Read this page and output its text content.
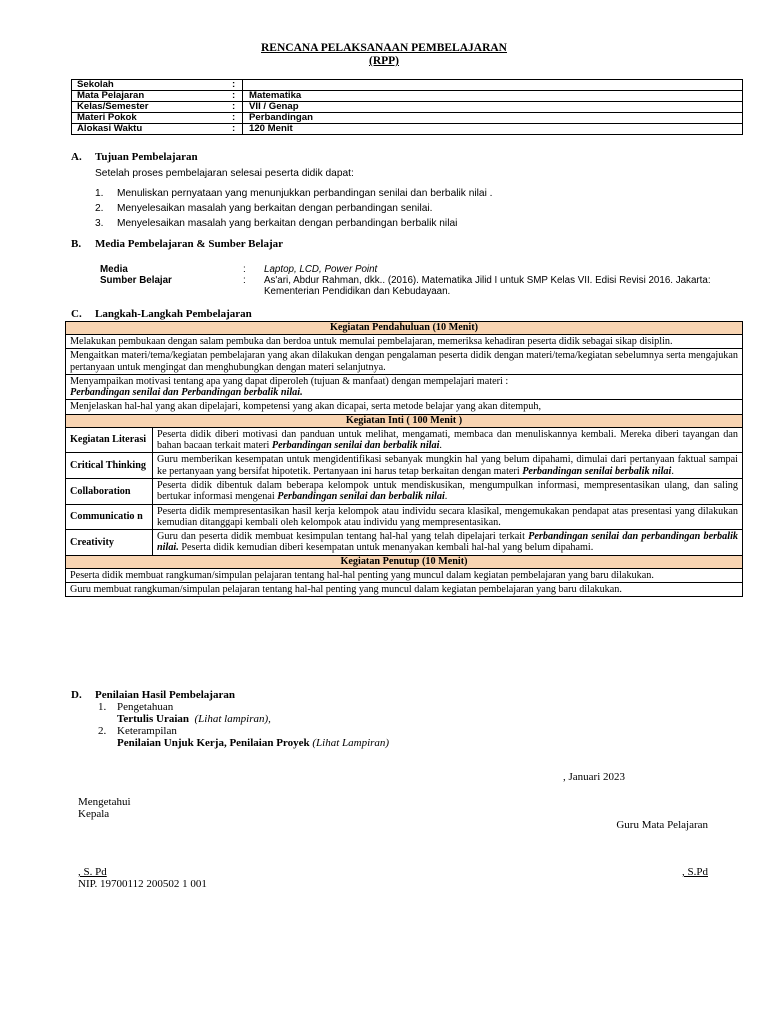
RENCANA PELAKSANAAN PEMBELAJARAN
(RPP)
Sekolah	:	
Mata Pelajaran	:	Matematika
Kelas/Semester	:	VII / Genap
Materi Pokok	:	Perbandingan
Alokasi Waktu	:	120 Menit
A. Tujuan Pembelajaran
Setelah proses pembelajaran selesai peserta didik dapat:
1. Menuliskan pernyataan yang menunjukkan perbandingan senilai dan berbalik nilai .
2. Menyelesaikan masalah yang berkaitan dengan perbandingan senilai.
3. Menyelesaikan masalah yang berkaitan dengan perbandingan berbalik nilai
B. Media Pembelajaran & Sumber Belajar
Media	: Laptop, LCD, Power Point
Sumber Belajar	: As'ari, Abdur Rahman, dkk.. (2016). Matematika Jilid I untuk SMP Kelas VII. Edisi Revisi 2016. Jakarta: Kementerian Pendidikan dan Kebudayaan.
C. Langkah-Langkah Pembelajaran
Kegiatan Pendahuluan (10 Menit)	
Melakukan pembukaan dengan salam pembuka dan berdoa untuk memulai pembelajaran, memeriksa kehadiran peserta didik sebagai sikap disiplin.	
Mengaitkan materi/tema/kegiatan pembelajaran yang akan dilakukan dengan pengalaman peserta didik dengan materi/tema/kegiatan sebelumnya serta mengajukan pertanyaan untuk mengingat dan menghubungkan dengan materi selanjutnya.	
Menyampaikan motivasi tentang apa yang dapat diperoleh (tujuan & manfaat) dengan mempelajari materi :
Perbandingan senilai dan Perbandingan berbalik nilai.	
Menjelaskan hal-hal yang akan dipelajari, kompetensi yang akan dicapai, serta metode belajar yang akan ditempuh,	
Kegiatan Inti ( 100 Menit )	
Kegiatan Literasi	Peserta didik diberi motivasi dan panduan untuk melihat, mengamati, membaca dan menuliskannya kembali. Mereka diberi tayangan dan bahan bacaan terkait materi Perbandingan senilai dan berbalik nilai.
Critical Thinking	Guru memberikan kesempatan untuk mengidentifikasi sebanyak mungkin hal yang belum dipahami, dimulai dari pertanyaan faktual sampai ke pertanyaan yang bersifat hipotetik. Pertanyaan ini harus tetap berkaitan dengan materi Perbandingan senilai berbalik nilai.
Collaboration	Peserta didik dibentuk dalam beberapa kelompok untuk mendiskusikan, mengumpulkan informasi, mempresentasikan ulang, dan saling bertukar informasi mengenai Perbandingan senilai dan berbalik nilai.
Communicatio n	Peserta didik mempresentasikan hasil kerja kelompok atau individu secara klasikal, mengemukakan pendapat atas presentasi yang dilakukan kemudian ditanggapi kembali oleh kelompok atau individu yang mempresentasikan.
Creativity	Guru dan peserta didik membuat kesimpulan tentang hal-hal yang telah dipelajari terkait Perbandingan senilai dan perbandingan berbalik nilai. Peserta didik kemudian diberi kesempatan untuk menanyakan kembali hal-hal yang belum dipahami.
Kegiatan Penutup (10 Menit)	
Peserta didik membuat rangkuman/simpulan pelajaran tentang hal-hal penting yang muncul dalam kegiatan pembelajaran yang baru dilakukan.	
Guru membuat rangkuman/simpulan pelajaran tentang hal-hal penting yang muncul dalam kegiatan pembelajaran yang baru dilakukan.	
D. Penilaian Hasil Pembelajaran
1. Pengetahuan
Tertulis Uraian (Lihat lampiran),
2. Keterampilan
Penilaian Unjuk Kerja, Penilaian Proyek (Lihat Lampiran)
, Januari 2023
Mengetahui
Kepala
Guru Mata Pelajaran
, S. Pd	, S.Pd
NIP. 19700112 200502 1 001
